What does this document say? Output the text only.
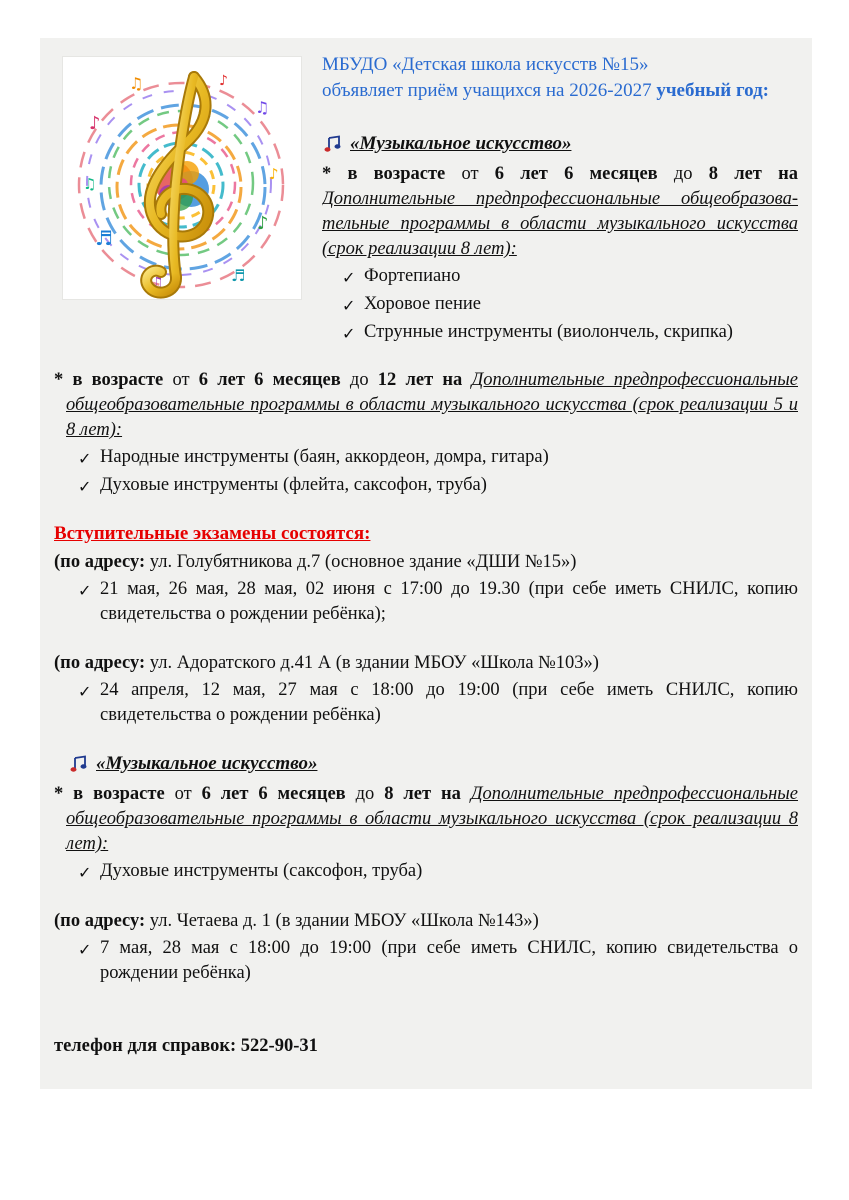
♪
♫
♬
♪
♫	♪
♫
♪
♫	♬

МБУДО «Детская школа искусств №15»
объявляет приём учащихся на 2026-2027 учебный год:

«Музыкальное искусство»

* в возрасте от 6 лет 6 месяцев до 8 лет на Дополнительные предпрофессиональные общеобразова-тельные программы в области музыкального искусства (срок реализации 8 лет):

✓ Фортепиано
✓ Хоровое пение
✓ Струнные инструменты (виолончель, скрипка)

* в возрасте от 6 лет 6 месяцев до 12 лет на Дополнительные предпрофессиональные общеобразовательные программы в области музыкального искусства (срок реализации 5 и 8 лет):

✓ Народные инструменты (баян, аккордеон, домра, гитара)
✓ Духовые инструменты (флейта, саксофон, труба)

Вступительные экзамены состоятся:

(по адресу: ул. Голубятникова д.7 (основное здание «ДШИ №15»)

✓ 21 мая, 26 мая, 28 мая, 02 июня с 17:00 до 19.30 (при себе иметь СНИЛС, копию свидетельства о рождении ребёнка);

(по адресу: ул. Адоратского д.41 А (в здании МБОУ «Школа №103»)

✓ 24 апреля, 12 мая, 27 мая с 18:00 до 19:00 (при себе иметь СНИЛС, копию свидетельства о рождении ребёнка)
«Музыкальное искусство»

* в возрасте от 6 лет 6 месяцев до 8 лет на Дополнительные предпрофессиональные общеобразовательные программы в области музыкального искусства (срок реализации 8 лет):

✓ Духовые инструменты (саксофон, труба)

(по адресу: ул. Четаева д. 1 (в здании МБОУ «Школа №143»)

✓ 7 мая, 28 мая с 18:00 до 19:00 (при себе иметь СНИЛС, копию свидетельства о рождении ребёнка)

телефон для справок: 522-90-31
